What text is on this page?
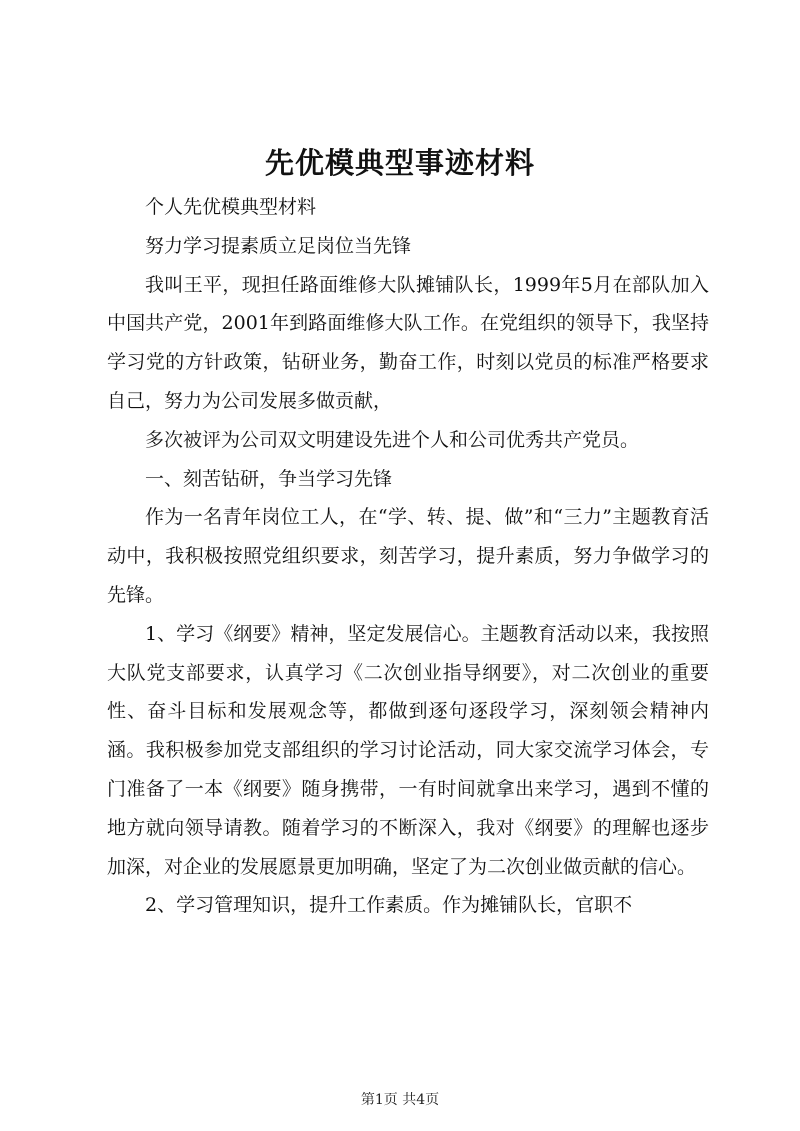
先优模典型事迹材料

个人先优模典型材料

努力学习提素质立足岗位当先锋

我叫王平，现担任路面维修大队摊铺队长，1999年5月在部队加入中国共产党，2001年到路面维修大队工作。在党组织的领导下，我坚持学习党的方针政策，钻研业务，勤奋工作，时刻以党员的标准严格要求自己，努力为公司发展多做贡献，

多次被评为公司双文明建设先进个人和公司优秀共产党员。

一、刻苦钻研，争当学习先锋

作为一名青年岗位工人，在“学、转、提、做”和“三力”主题教育活动中，我积极按照党组织要求，刻苦学习，提升素质，努力争做学习的先锋。

1、学习《纲要》精神，坚定发展信心。主题教育活动以来，我按照大队党支部要求，认真学习《二次创业指导纲要》，对二次创业的重要性、奋斗目标和发展观念等，都做到逐句逐段学习，深刻领会精神内涵。我积极参加党支部组织的学习讨论活动，同大家交流学习体会，专门准备了一本《纲要》随身携带，一有时间就拿出来学习，遇到不懂的地方就向领导请教。随着学习的不断深入，我对《纲要》的理解也逐步加深，对企业的发展愿景更加明确，坚定了为二次创业做贡献的信心。

2、学习管理知识，提升工作素质。作为摊铺队长，官职不

第1页 共4页
